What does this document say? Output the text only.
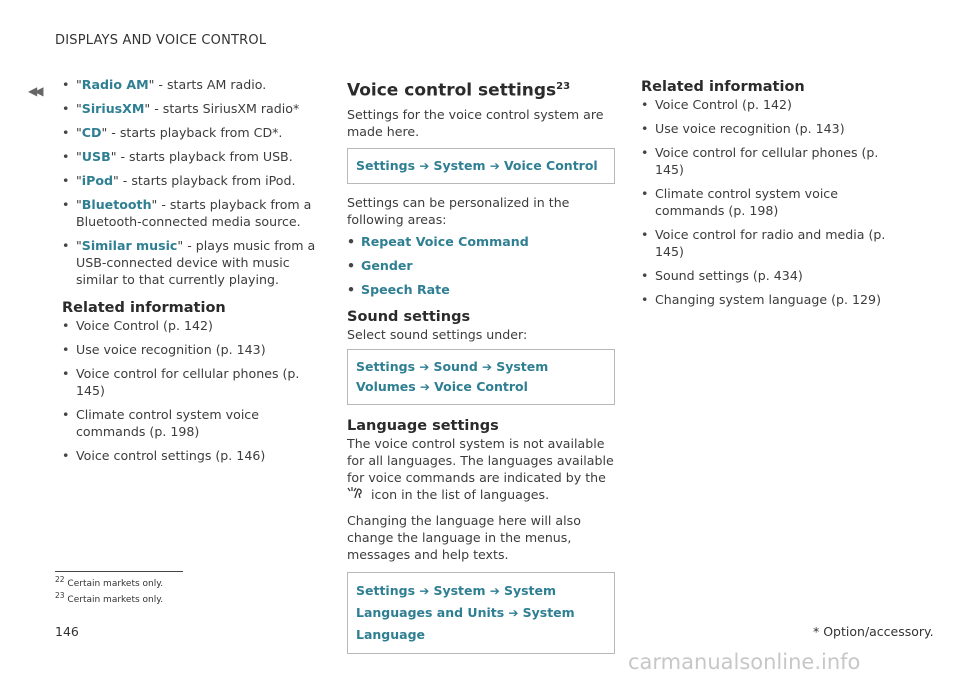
DISPLAYS AND VOICE CONTROL
◀◀
•	"Radio AM" - starts AM radio.
• "SiriusXM" - starts SiriusXM radio*
• "CD" - starts playback from CD*.
• "USB" - starts playback from USB.
• "iPod" - starts playback from iPod.
• "Bluetooth" - starts playback from a Bluetooth-connected media source.
• "Similar music" - plays music from a USB-connected device with music similar to that currently playing.
Related information
• Voice Control (p. 142)
• Use voice recognition (p. 143)
• Voice control for cellular phones (p. 145)
• Climate control system voice commands (p. 198)
• Voice control settings (p. 146)
Voice control settings$^{23}$

Settings for the voice control system are made here.

Settings ➔ System ➔ Voice Control

Settings can be personalized in the following areas:

• Repeat Voice Command
• Gender
• Speech Rate
Sound settings

Select sound settings under:

Settings ➔ Sound ➔ System Volumes ➔ Voice Control
Language settings

The voice control system is not available for all languages. The languages available for voice commands are indicated by the  icon in the list of languages.

Changing the language here will also change the language in the menus, messages and help texts.

Settings ➔ System ➔ System Languages and Units ➔ System Language
Related information
• Voice Control (p. 142)
• Use voice recognition (p. 143)
• Voice control for cellular phones (p. 145)
• Climate control system voice commands (p. 198)
• Voice control for radio and media (p. 145)
• Sound settings (p. 434)
• Changing system language (p. 129)
$^{22}$ Certain markets only.
$^{23}$ Certain markets only.
146	* Option/accessory.
carmanualsonline.info
